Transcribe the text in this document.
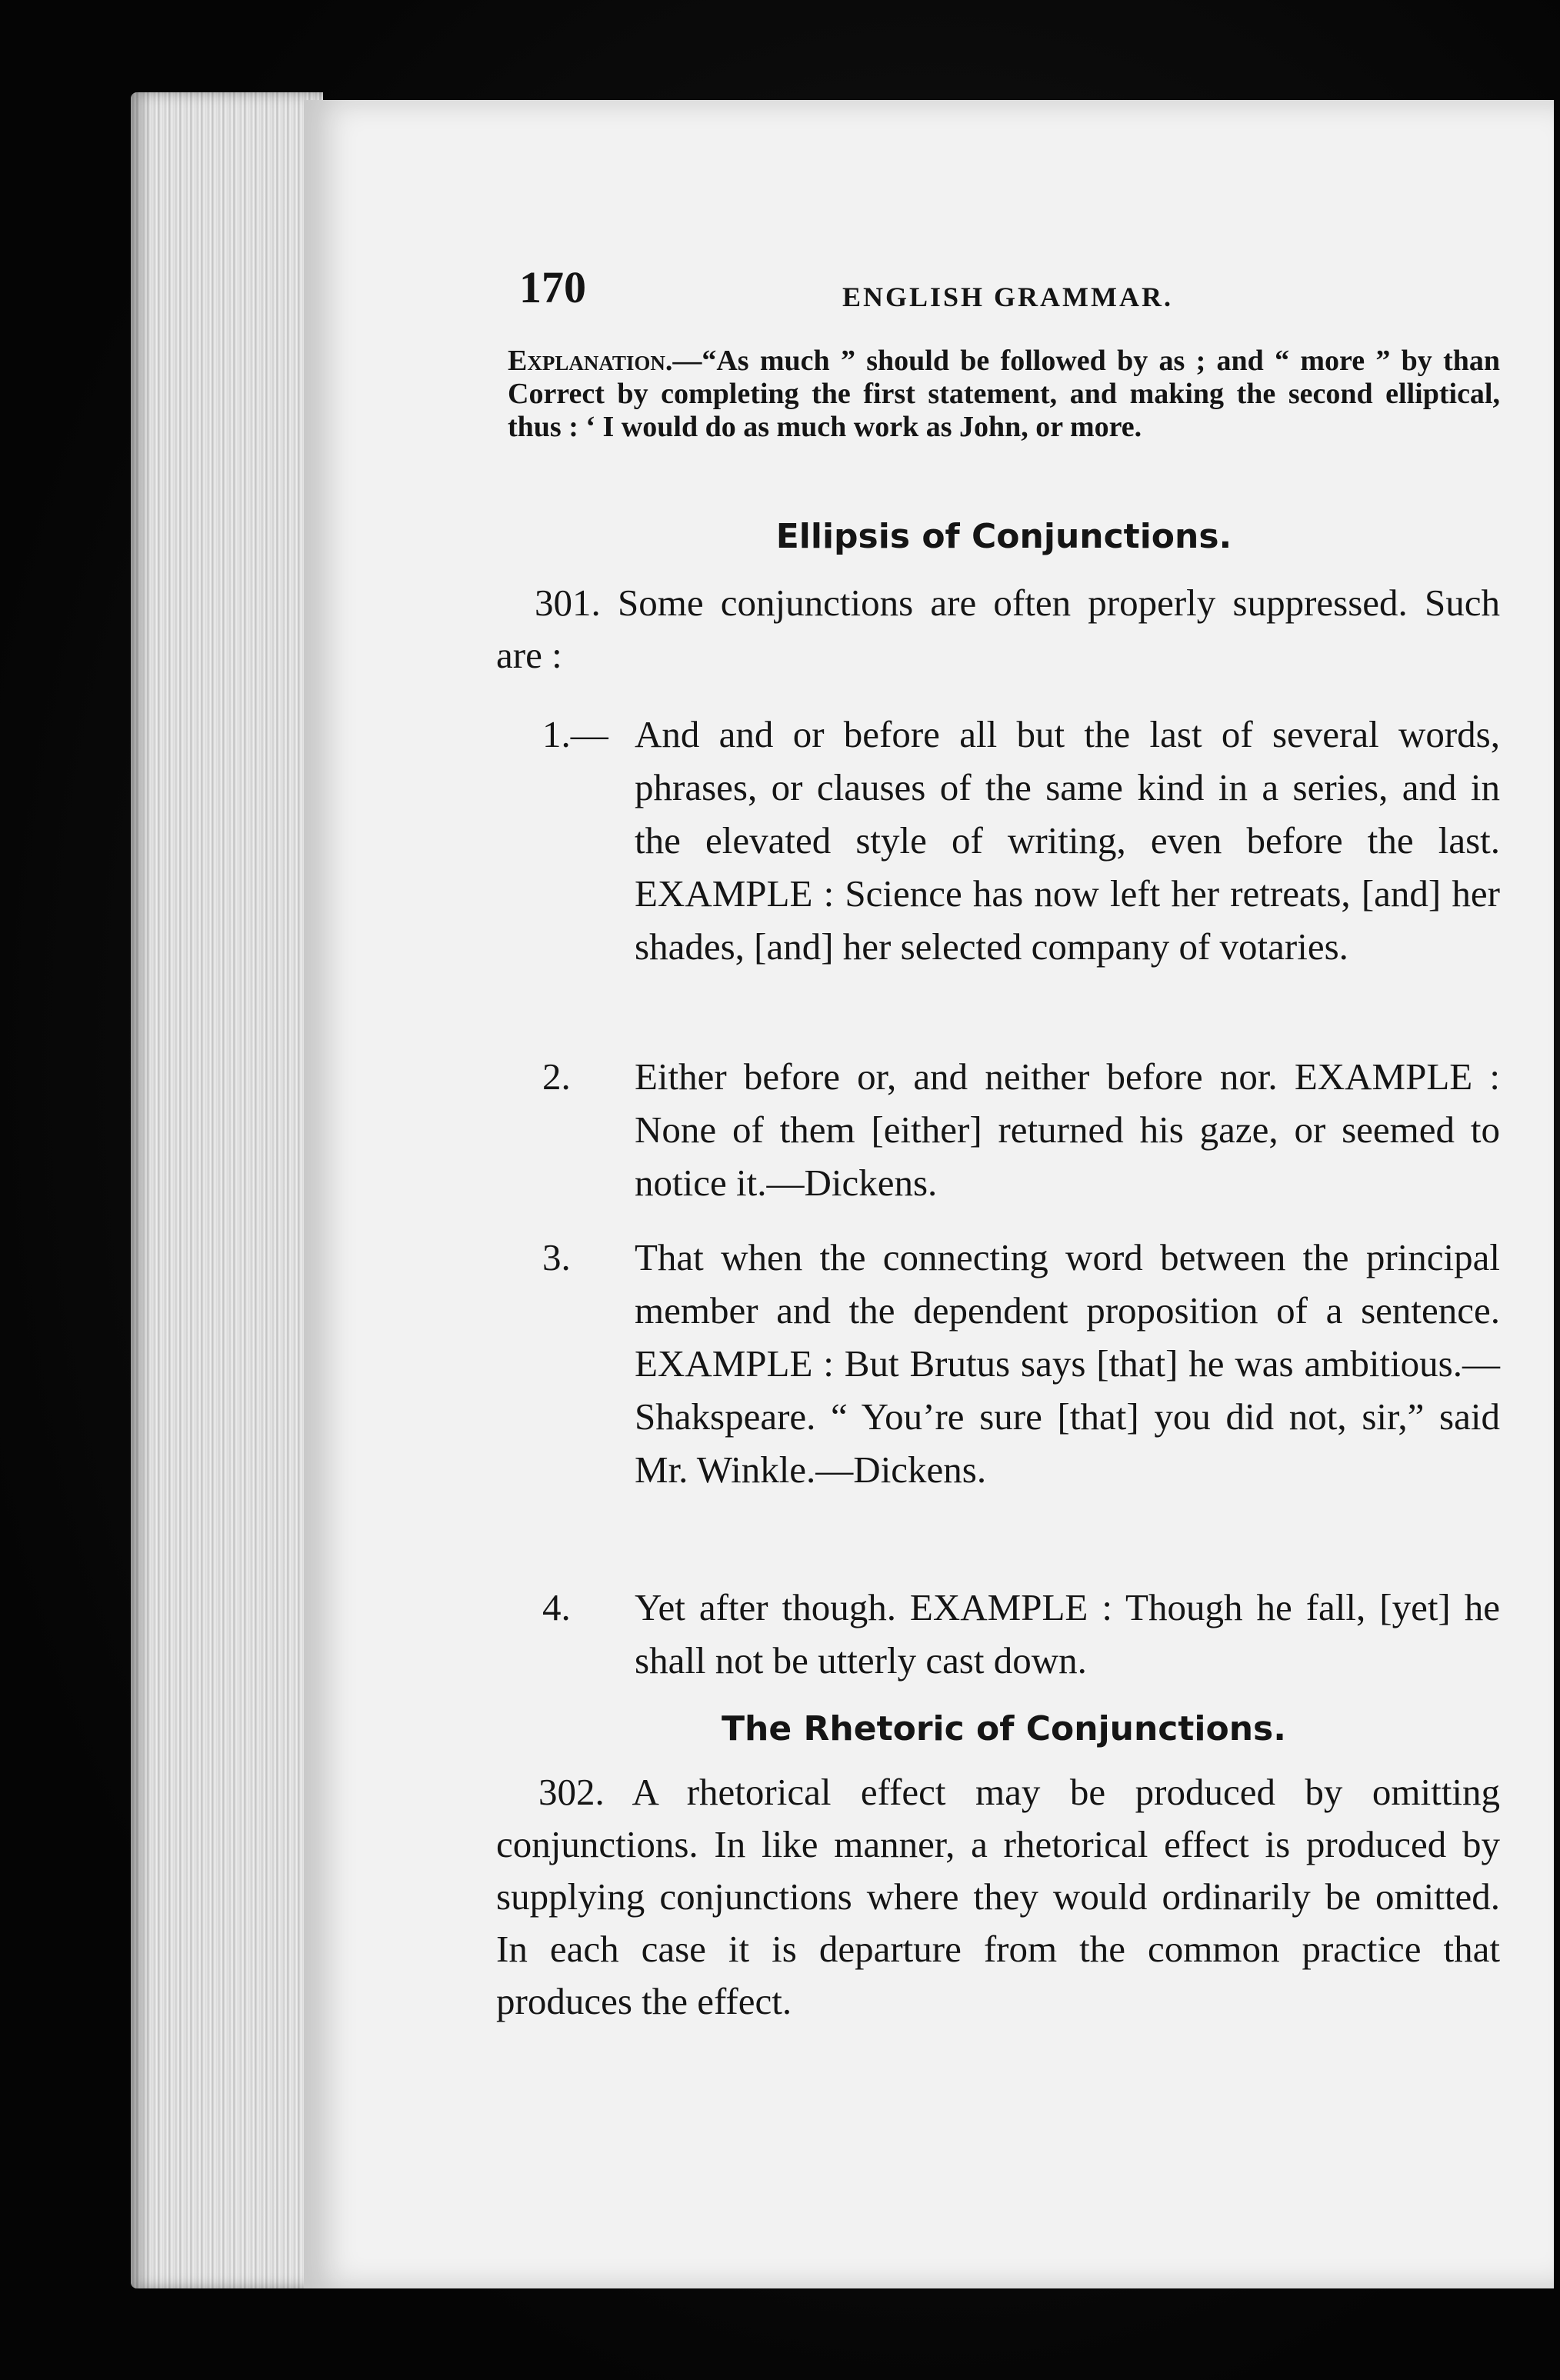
170	ENGLISH GRAMMAR.
Explanation.—“As much ” should be followed by as ; and “ more ” by than Correct by completing the first statement, and making the second elliptical, thus : ‘ I would do as much work as John, or more.
Ellipsis of Conjunctions.
301. Some conjunctions are often properly suppressed. Such are :
1.— And and or before all but the last of several words, phrases, or clauses of the same kind in a series, and in the elevated style of writing, even before the last. EXAMPLE : Science has now left her retreats, [and] her shades, [and] her selected company of votaries.
2. Either before or, and neither before nor. EXAMPLE : None of them [either] returned his gaze, or seemed to notice it.—Dickens.
3. That when the connecting word between the principal member and the dependent proposition of a sentence. EXAMPLE : But Brutus says [that] he was ambitious.—Shakspeare. “ You’re sure [that] you did not, sir,” said Mr. Winkle.—Dickens.
4. Yet after though. EXAMPLE : Though he fall, [yet] he shall not be utterly cast down.
The Rhetoric of Conjunctions.
302. A rhetorical effect may be produced by omitting conjunctions. In like manner, a rhetorical effect is produced by supplying conjunctions where they would ordinarily be omitted. In each case it is departure from the common practice that produces the effect.
